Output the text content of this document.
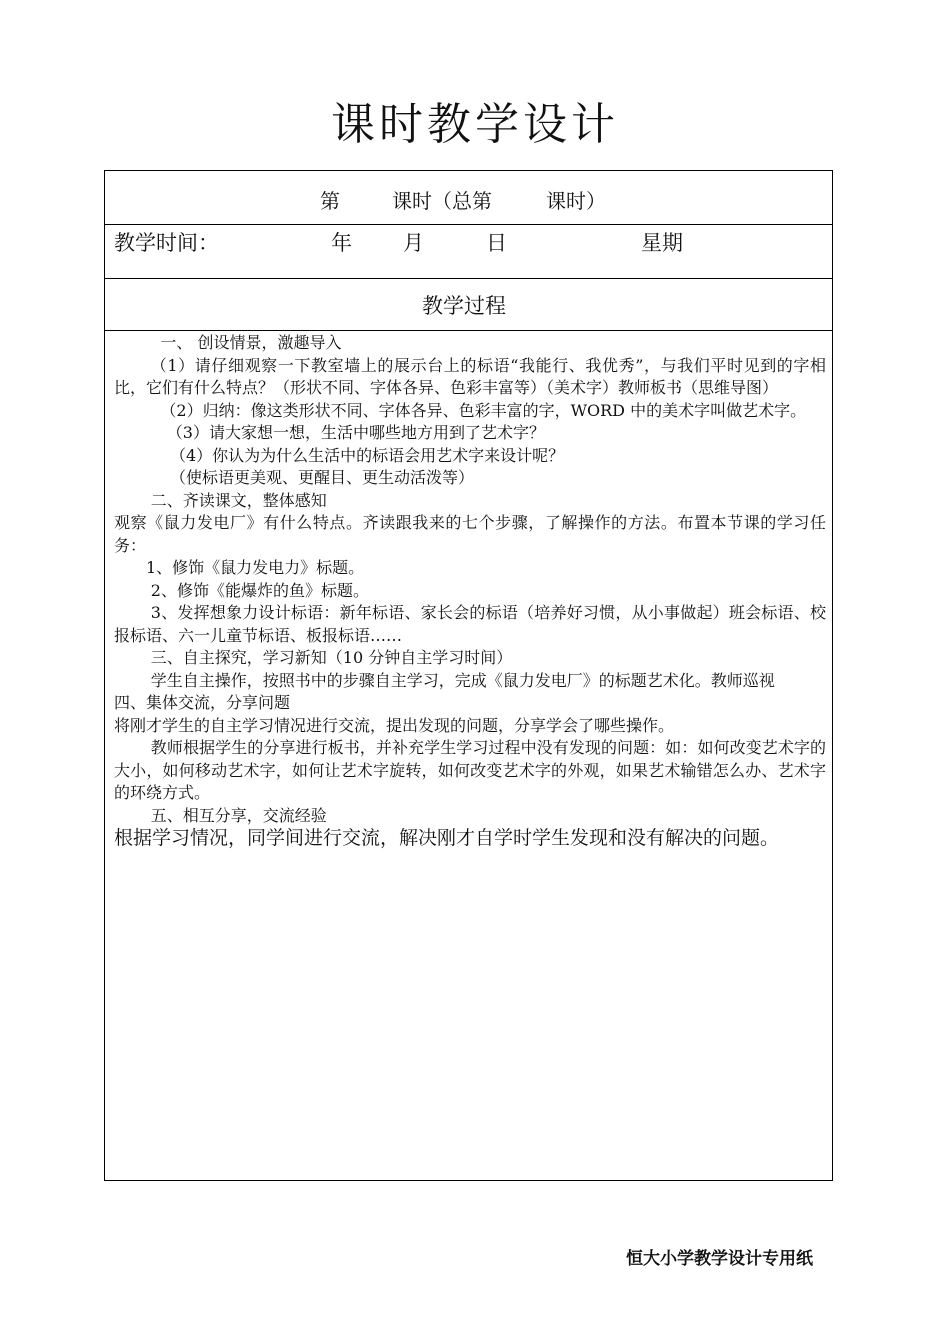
课时教学设计
第	课时（总第	课时）
教学时间：	年 月	日	星期
教学过程

一、 创设情景，激趣导入

（1）请仔细观察一下教室墙上的展示台上的标语“我能行、我优秀”，与我们平时见到的字相比，它们有什么特点？（形状不同、字体各异、色彩丰富等）（美术字）教师板书（思维导图）

（2）归纳：像这类形状不同、字体各异、色彩丰富的字，WORD 中的美术字叫做艺术字。

（3）请大家想一想，生活中哪些地方用到了艺术字？

（4）你认为为什么生活中的标语会用艺术字来设计呢？

（使标语更美观、更醒目、更生动活泼等）

二、齐读课文，整体感知

观察《鼠力发电厂》有什么特点。齐读跟我来的七个步骤，了解操作的方法。布置本节课的学习任务：

1、修饰《鼠力发电力》标题。

2、修饰《能爆炸的鱼》标题。

3、发挥想象力设计标语：新年标语、家长会的标语（培养好习惯，从小事做起）班会标语、校报标语、六一儿童节标语、板报标语……

三、自主探究，学习新知（10 分钟自主学习时间）

学生自主操作，按照书中的步骤自主学习，完成《鼠力发电厂》的标题艺术化。教师巡视

四、集体交流，分享问题

将刚才学生的自主学习情况进行交流，提出发现的问题，分享学会了哪些操作。

教师根据学生的分享进行板书，并补充学生学习过程中没有发现的问题：如：如何改变艺术字的大小，如何移动艺术字，如何让艺术字旋转，如何改变艺术字的外观，如果艺术输错怎么办、艺术字的环绕方式。

五、相互分享，交流经验

根据学习情况，同学间进行交流，解决刚才自学时学生发现和没有解决的问题。

恒大小学教学设计专用纸
